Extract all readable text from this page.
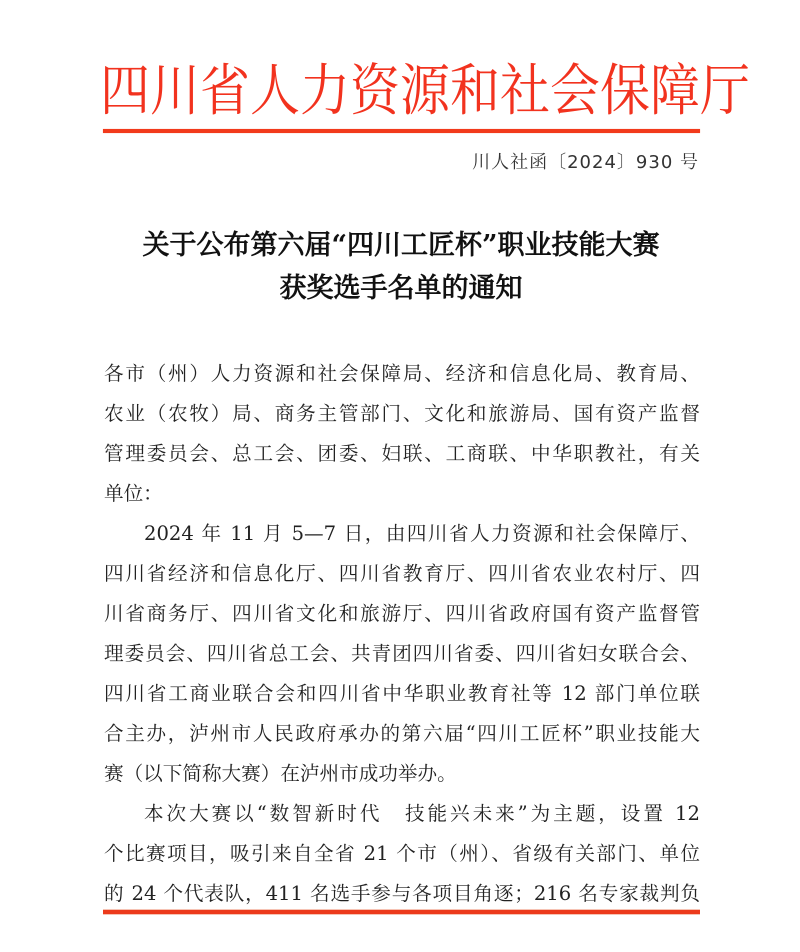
四川省人力资源和社会保障厅
川人社函〔2024〕930 号
关于公布第六届“四川工匠杯”职业技能大赛
获奖选手名单的通知
各市（州）人力资源和社会保障局、经济和信息化局、教育局、
农业（农牧）局、商务主管部门、文化和旅游局、国有资产监督
管理委员会、总工会、团委、妇联、工商联、中华职教社，有关
单位：
2024 年 11 月 5—7 日，由四川省人力资源和社会保障厅、
四川省经济和信息化厅、四川省教育厅、四川省农业农村厅、四
川省商务厅、四川省文化和旅游厅、四川省政府国有资产监督管
理委员会、四川省总工会、共青团四川省委、四川省妇女联合会、
四川省工商业联合会和四川省中华职业教育社等 12 部门单位联
合主办，泸州市人民政府承办的第六届“四川工匠杯”职业技能大
赛（以下简称大赛）在泸州市成功举办。
本次大赛以“数智新时代　技能兴未来”为主题，设置 12
个比赛项目，吸引来自全省 21 个市（州）、省级有关部门、单位
的 24 个代表队，411 名选手参与各项目角逐；216 名专家裁判负
